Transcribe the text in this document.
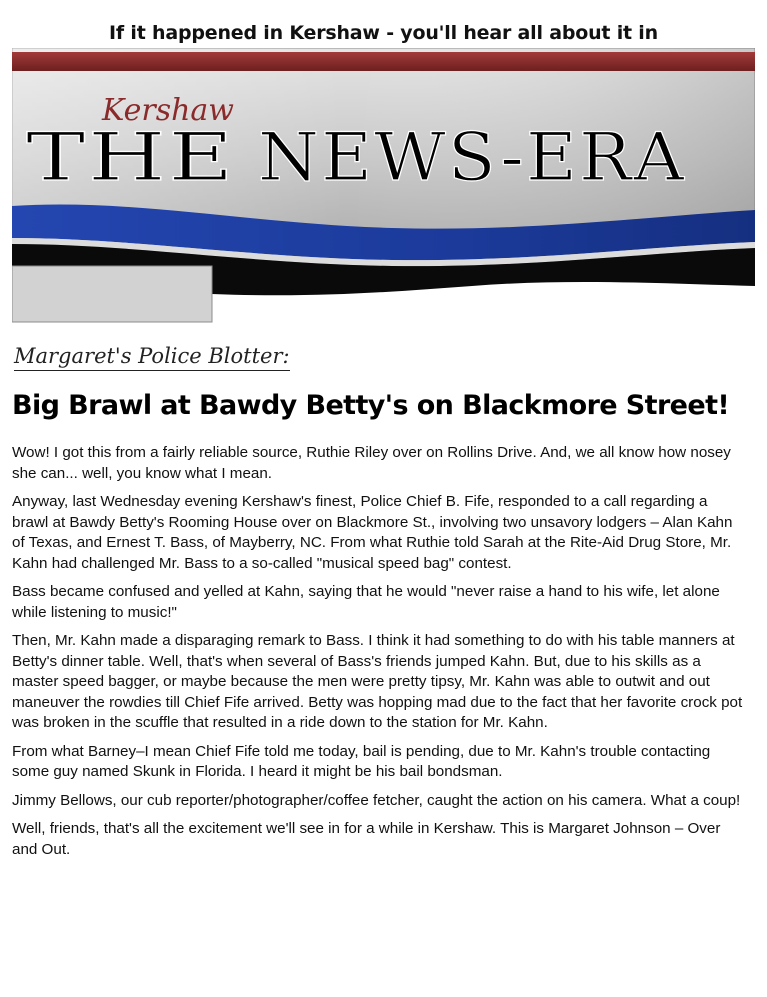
If it happened in Kershaw - you'll hear all about it in
Kershaw
THE NEWS-ERA
Margaret's Police Blotter:
Big Brawl at Bawdy Betty's on Blackmore Street!

Wow! I got this from a fairly reliable source, Ruthie Riley over on Rollins Drive. And, we all know how nosey she can... well, you know what I mean.

Anyway, last Wednesday evening Kershaw's finest, Police Chief B. Fife, responded to a call regarding a brawl at Bawdy Betty's Rooming House over on Blackmore St., involving two unsavory lodgers – Alan Kahn of Texas, and Ernest T. Bass, of Mayberry, NC. From what Ruthie told Sarah at the Rite-Aid Drug Store, Mr. Kahn had challenged Mr. Bass to a so-called "musical speed bag" contest.

Bass became confused and yelled at Kahn, saying that he would "never raise a hand to his wife, let alone while listening to music!"

Then, Mr. Kahn made a disparaging remark to Bass. I think it had something to do with his table manners at Betty's dinner table. Well, that's when several of Bass's friends jumped Kahn. But, due to his skills as a master speed bagger, or maybe because the men were pretty tipsy, Mr. Kahn was able to outwit and out maneuver the rowdies till Chief Fife arrived. Betty was hopping mad due to the fact that her favorite crock pot was broken in the scuffle that resulted in a ride down to the station for Mr. Kahn.

From what Barney–I mean Chief Fife told me today, bail is pending, due to Mr. Kahn's trouble contacting some guy named Skunk in Florida. I heard it might be his bail bondsman.

Jimmy Bellows, our cub reporter/photographer/coffee fetcher, caught the action on his camera. What a coup!

Well, friends, that's all the excitement we'll see in for a while in Kershaw. This is Margaret Johnson – Over and Out.
